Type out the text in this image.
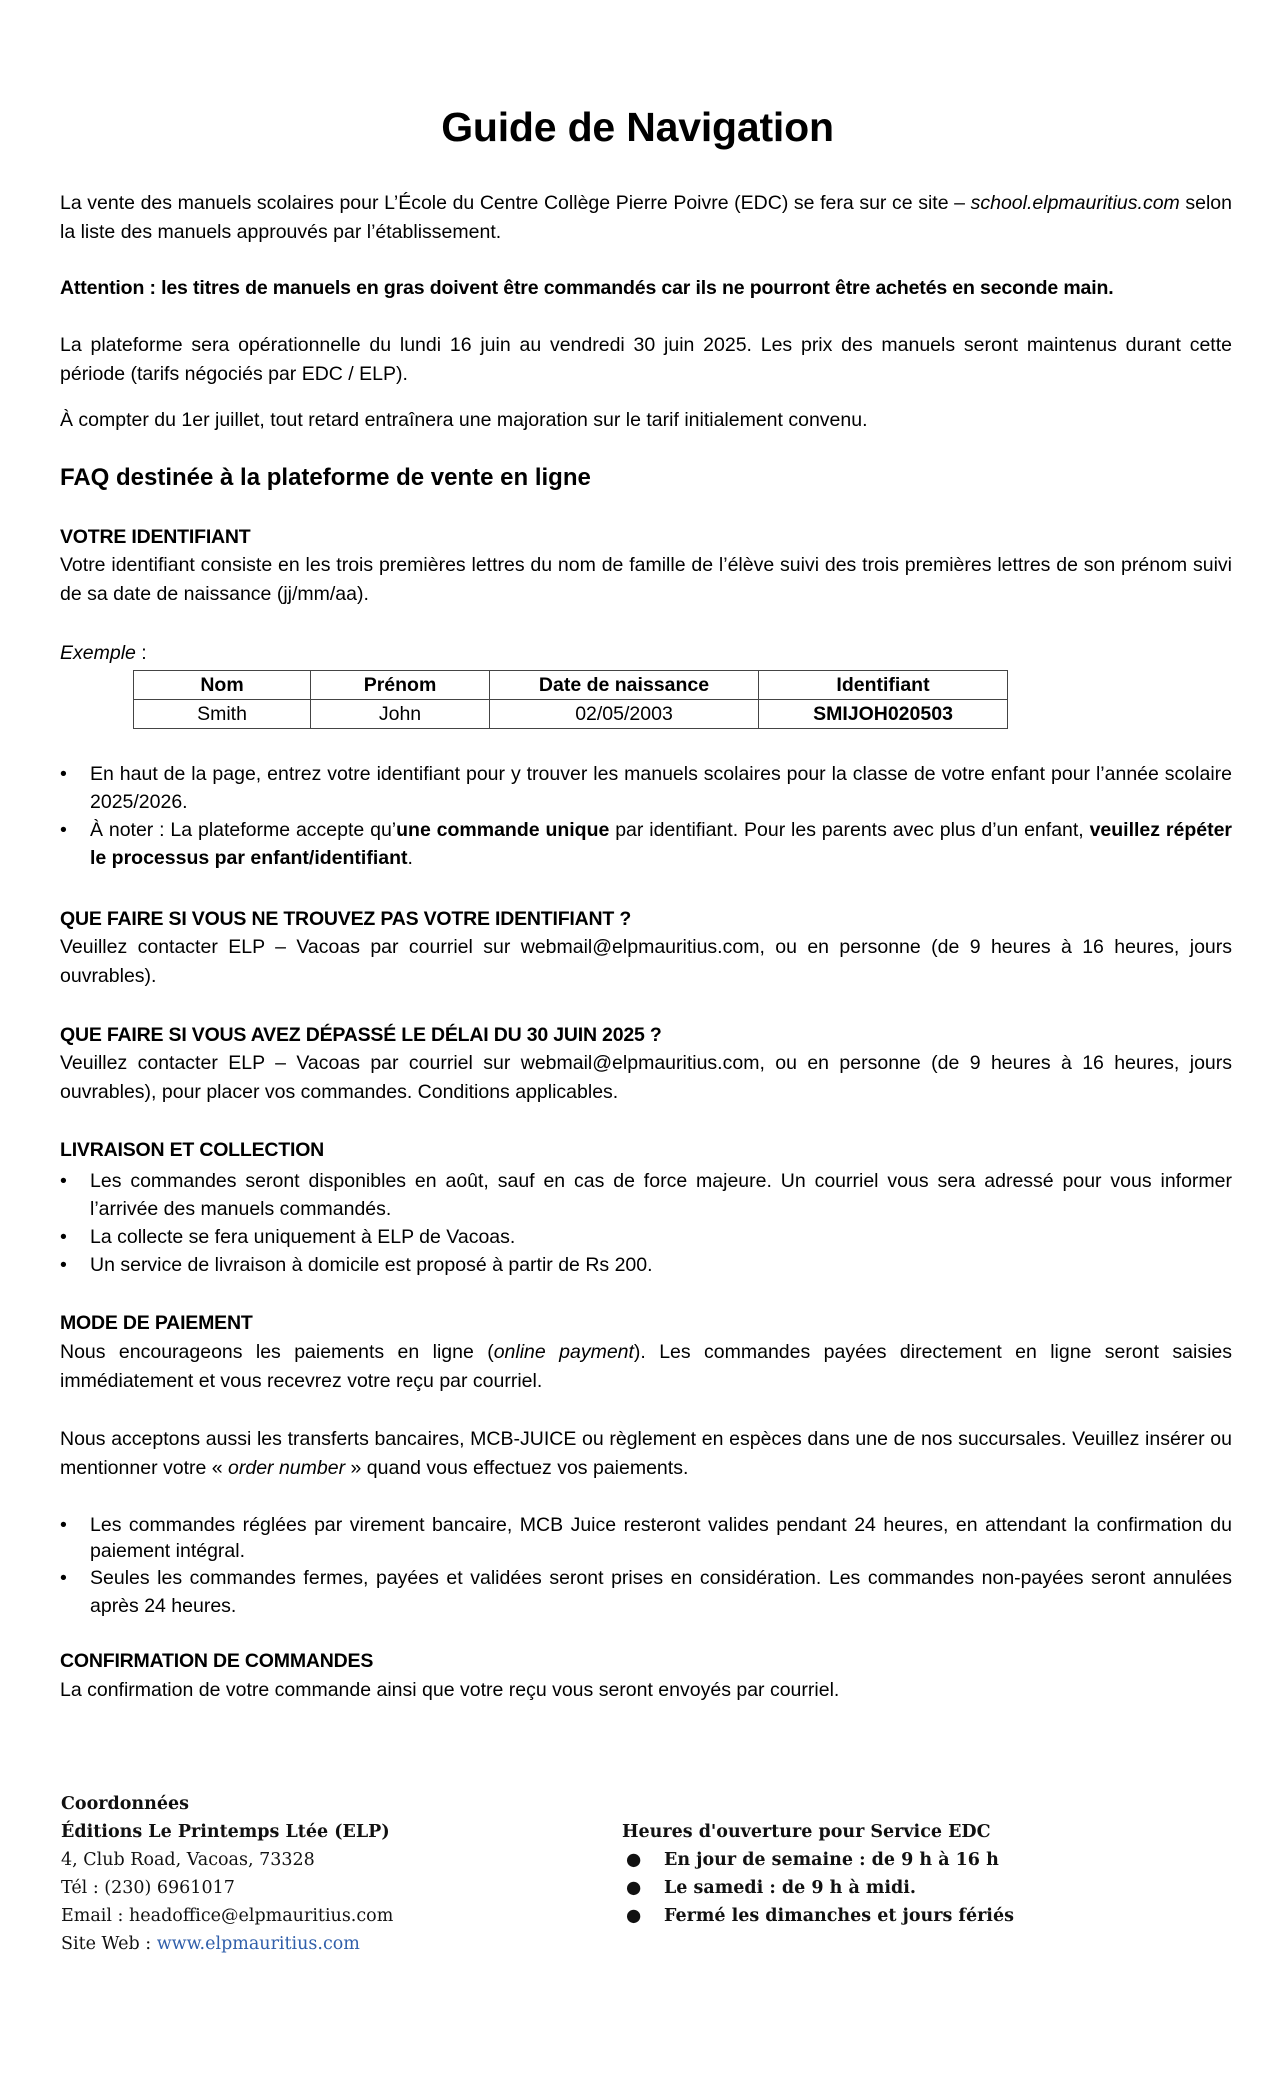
Guide de Navigation
La vente des manuels scolaires pour L’École du Centre Collège Pierre Poivre (EDC) se fera sur ce site – school.elpmauritius.com selon la liste des manuels approuvés par l’établissement.
Attention : les titres de manuels en gras doivent être commandés car ils ne pourront être achetés en seconde main.
La plateforme sera opérationnelle du lundi 16 juin au vendredi 30 juin 2025. Les prix des manuels seront maintenus durant cette période (tarifs négociés par EDC / ELP).
À compter du 1er juillet, tout retard entraînera une majoration sur le tarif initialement convenu.
FAQ destinée à la plateforme de vente en ligne
VOTRE IDENTIFIANT
Votre identifiant consiste en les trois premières lettres du nom de famille de l’élève suivi des trois premières lettres de son prénom suivi de sa date de naissance (jj/mm/aa).
Exemple :
Nom	Prénom	Date de naissance	Identifiant
Smith	John	02/05/2003	SMIJOH020503
•	En haut de la page, entrez votre identifiant pour y trouver les manuels scolaires pour la classe de votre enfant pour l’année scolaire 2025/2026.
•	À noter : La plateforme accepte qu’une commande unique par identifiant. Pour les parents avec plus d’un enfant, veuillez répéter le processus par enfant/identifiant.
QUE FAIRE SI VOUS NE TROUVEZ PAS VOTRE IDENTIFIANT ?
Veuillez contacter ELP – Vacoas par courriel sur webmail@elpmauritius.com, ou en personne (de 9 heures à 16 heures, jours ouvrables).
QUE FAIRE SI VOUS AVEZ DÉPASSÉ LE DÉLAI DU 30 JUIN 2025 ?
Veuillez contacter ELP – Vacoas par courriel sur webmail@elpmauritius.com, ou en personne (de 9 heures à 16 heures, jours ouvrables), pour placer vos commandes. Conditions applicables.
LIVRAISON ET COLLECTION
•	Les commandes seront disponibles en août, sauf en cas de force majeure. Un courriel vous sera adressé pour vous informer l’arrivée des manuels commandés.
•	La collecte se fera uniquement à ELP de Vacoas.
•	Un service de livraison à domicile est proposé à partir de Rs 200.
MODE DE PAIEMENT
Nous encourageons les paiements en ligne (online payment). Les commandes payées directement en ligne seront saisies immédiatement et vous recevrez votre reçu par courriel.
Nous acceptons aussi les transferts bancaires, MCB-JUICE ou règlement en espèces dans une de nos succursales. Veuillez insérer ou mentionner votre « order number » quand vous effectuez vos paiements.
•	Les commandes réglées par virement bancaire, MCB Juice resteront valides pendant 24 heures, en attendant la confirmation du paiement intégral.
•	Seules les commandes fermes, payées et validées seront prises en considération. Les commandes non-payées seront annulées après 24 heures.
CONFIRMATION DE COMMANDES
La confirmation de votre commande ainsi que votre reçu vous seront envoyés par courriel.
Coordonnées
Éditions Le Printemps Ltée (ELP)
4, Club Road, Vacoas, 73328
Tél : (230) 6961017
Email : headoffice@elpmauritius.com
Site Web : www.elpmauritius.com
Heures d'ouverture pour Service EDC
● En jour de semaine : de 9 h à 16 h
● Le samedi : de 9 h à midi.
● Fermé les dimanches et jours fériés
